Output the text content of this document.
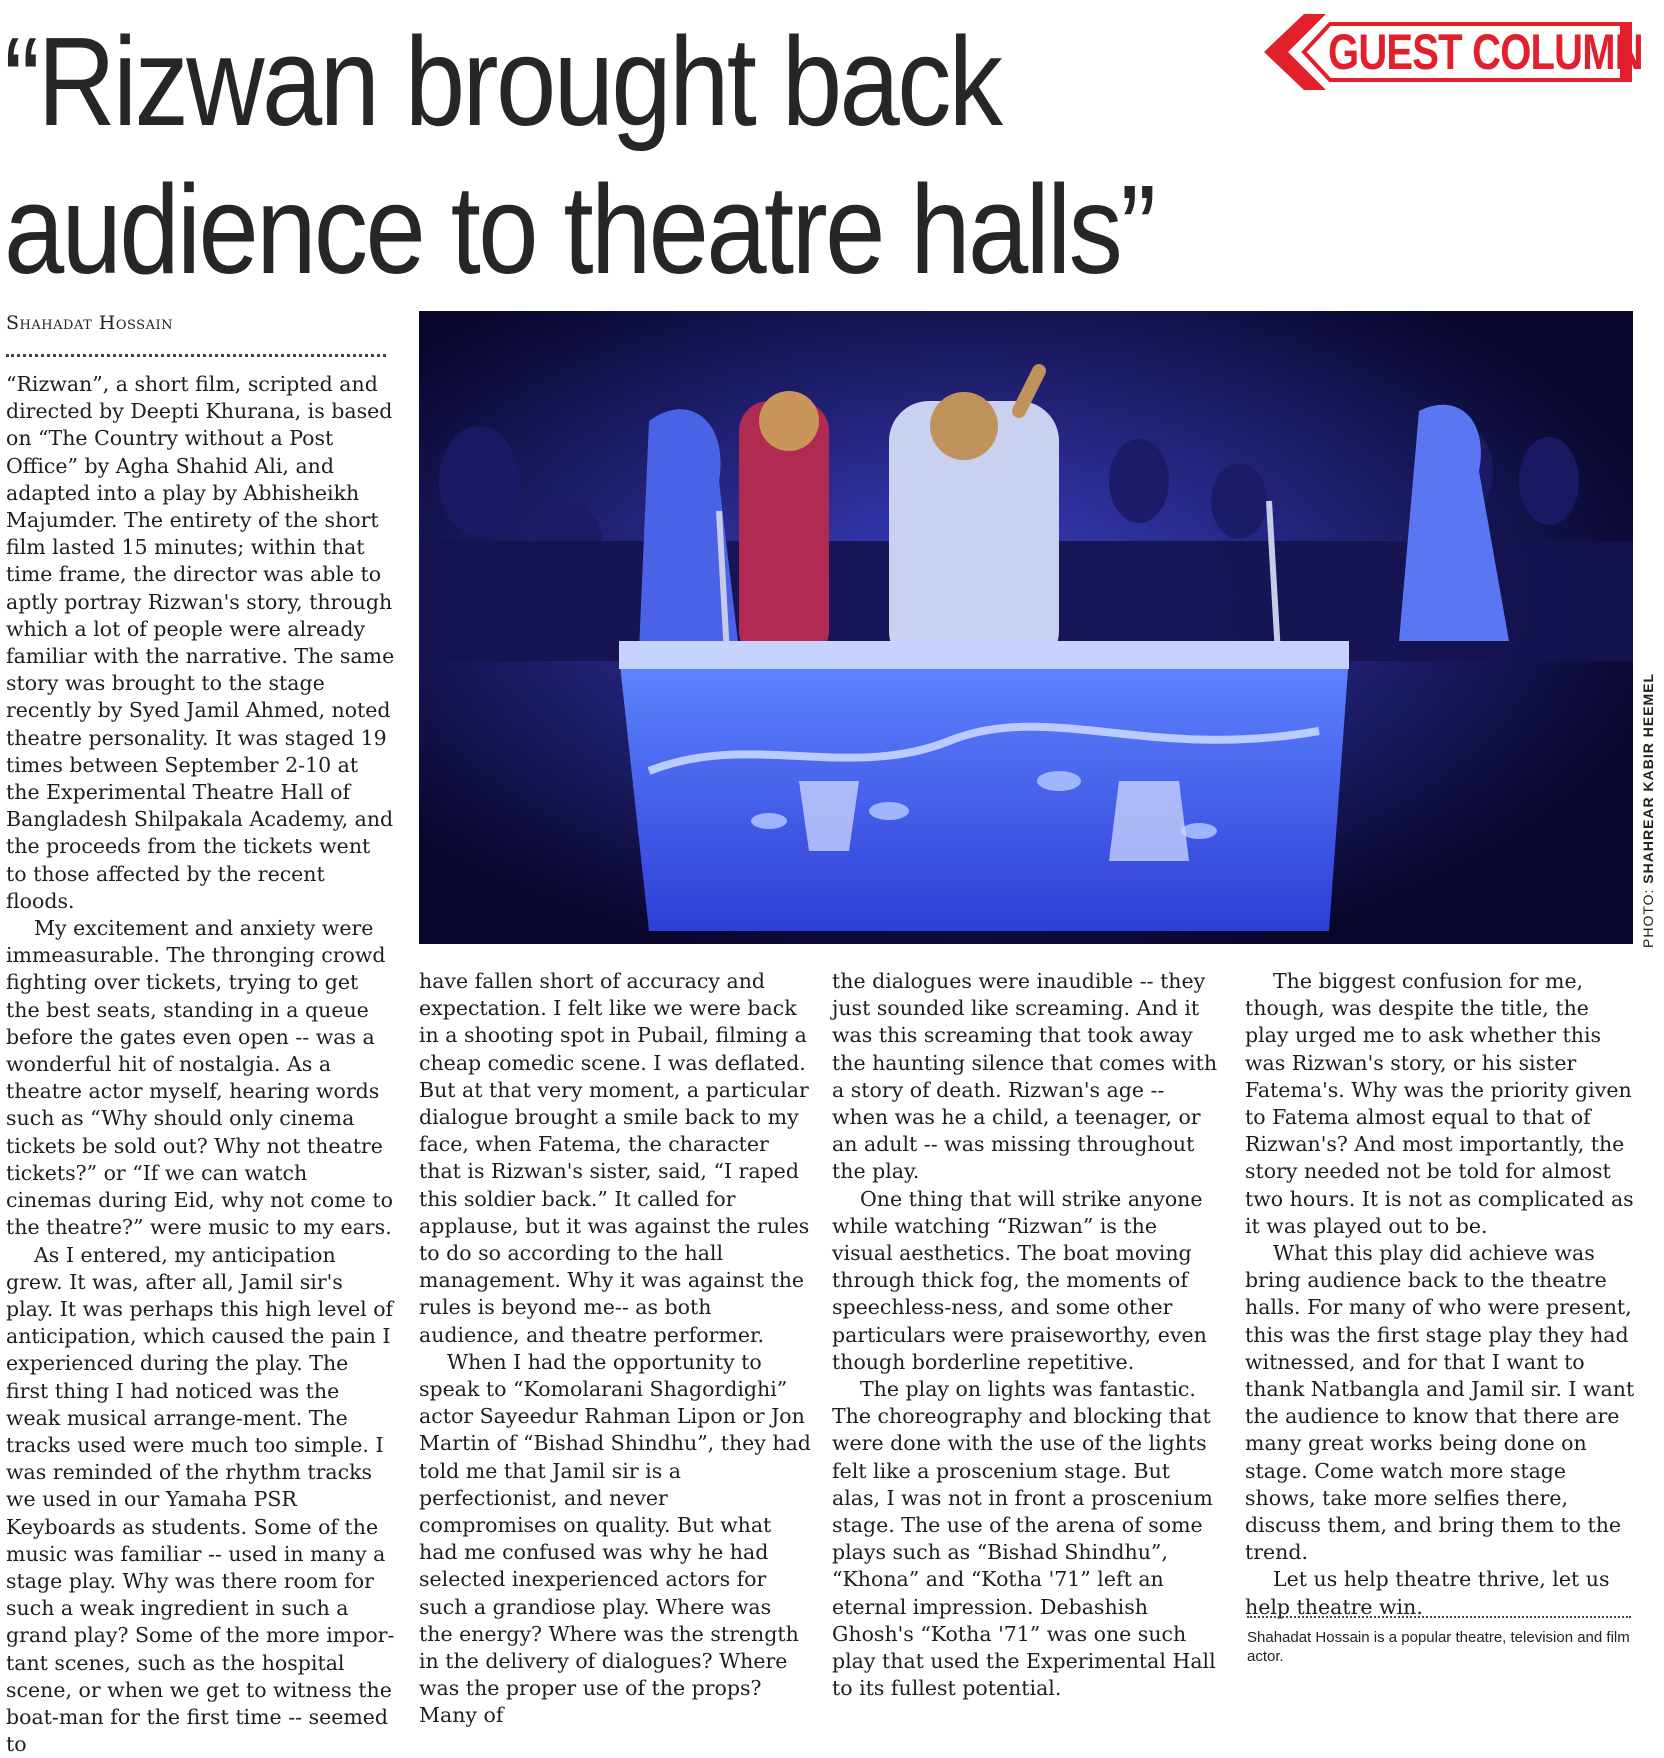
“Rizwan brought back
audience to theatre halls”
GUEST COLUMN
Shahadat Hossain
PHOTO: SHAHREAR KABIR HEEMEL

“Rizwan”, a short film, scripted and directed by Deepti Khurana, is based on “The Country without a Post Office” by Agha Shahid Ali, and adapted into a play by Abhisheikh Majumder. The entirety of the short film lasted 15 minutes; within that time frame, the director was able to aptly portray Rizwan's story, through which a lot of people were already familiar with the narrative. The same story was brought to the stage recently by Syed Jamil Ahmed, noted theatre personality. It was staged 19 times between September 2-10 at the Experimental Theatre Hall of Bangladesh Shilpakala Academy, and the proceeds from the tickets went to those affected by the recent floods.

My excitement and anxiety were immeasurable. The thronging crowd fighting over tickets, trying to get the best seats, standing in a queue before the gates even open -- was a wonderful hit of nostalgia. As a theatre actor myself, hearing words such as “Why should only cinema tickets be sold out? Why not theatre tickets?” or “If we can watch cinemas during Eid, why not come to the theatre?” were music to my ears.

As I entered, my anticipation grew. It was, after all, Jamil sir's play. It was perhaps this high level of anticipation, which caused the pain I experienced during the play. The first thing I had noticed was the weak musical arrange-ment. The tracks used were much too simple. I was reminded of the rhythm tracks we used in our Yamaha PSR Keyboards as students. Some of the music was familiar -- used in many a stage play. Why was there room for such a weak ingredient in such a grand play? Some of the more impor-tant scenes, such as the hospital scene, or when we get to witness the boat-man for the first time -- seemed to

have fallen short of accuracy and expectation. I felt like we were back in a shooting spot in Pubail, filming a cheap comedic scene. I was deflated. But at that very moment, a particular dialogue brought a smile back to my face, when Fatema, the character that is Rizwan's sister, said, “I raped this soldier back.” It called for applause, but it was against the rules to do so according to the hall management. Why it was against the rules is beyond me-- as both audience, and theatre performer.

When I had the opportunity to speak to “Komolarani Shagordighi” actor Sayeedur Rahman Lipon or Jon Martin of “Bishad Shindhu”, they had told me that Jamil sir is a perfectionist, and never compromises on quality. But what had me confused was why he had selected inexperienced actors for such a grandiose play. Where was the energy? Where was the strength in the delivery of dialogues? Where was the proper use of the props? Many of

the dialogues were inaudible -- they just sounded like screaming. And it was this screaming that took away the haunting silence that comes with a story of death. Rizwan's age -- when was he a child, a teenager, or an adult -- was missing throughout the play.

One thing that will strike anyone while watching “Rizwan” is the visual aesthetics. The boat moving through thick fog, the moments of speechless-ness, and some other particulars were praiseworthy, even though borderline repetitive.

The play on lights was fantastic. The choreography and blocking that were done with the use of the lights felt like a proscenium stage. But alas, I was not in front a proscenium stage. The use of the arena of some plays such as “Bishad Shindhu”, “Khona” and “Kotha '71” left an eternal impression. Debashish Ghosh's “Kotha '71” was one such play that used the Experimental Hall to its fullest potential.

The biggest confusion for me, though, was despite the title, the play urged me to ask whether this was Rizwan's story, or his sister Fatema's. Why was the priority given to Fatema almost equal to that of Rizwan's? And most importantly, the story needed not be told for almost two hours. It is not as complicated as it was played out to be.

What this play did achieve was bring audience back to the theatre halls. For many of who were present, this was the first stage play they had witnessed, and for that I want to thank Natbangla and Jamil sir. I want the audience to know that there are many great works being done on stage. Come watch more stage shows, take more selfies there, discuss them, and bring them to the trend.

Let us help theatre thrive, let us help theatre win.

Shahadat Hossain is a popular theatre, television and film actor.
